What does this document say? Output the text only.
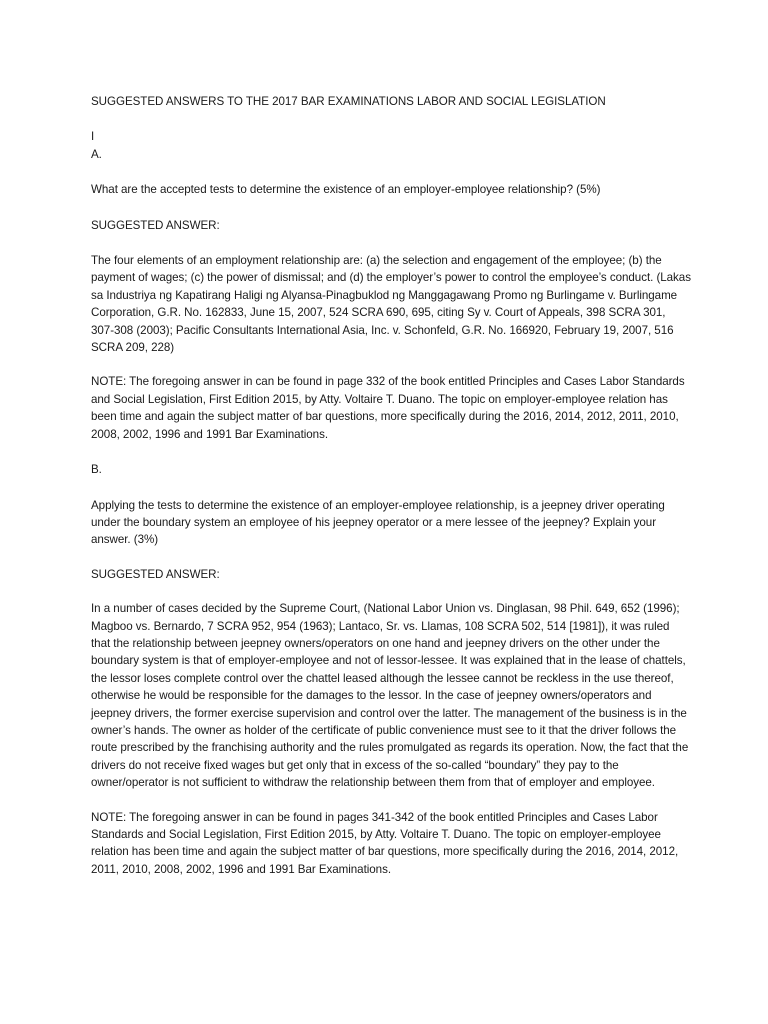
SUGGESTED ANSWERS TO THE 2017 BAR EXAMINATIONS LABOR AND SOCIAL LEGISLATION

I

A.

What are the accepted tests to determine the existence of an employer-employee relationship? (5%)

SUGGESTED ANSWER:

The four elements of an employment relationship are: (a) the selection and engagement of the employee; (b) the payment of wages; (c) the power of dismissal; and (d) the employer’s power to control the employee’s conduct. (Lakas sa Industriya ng Kapatirang Haligi ng Alyansa-Pinagbuklod ng Manggagawang Promo ng Burlingame v. Burlingame Corporation, G.R. No. 162833, June 15, 2007, 524 SCRA 690, 695, citing Sy v. Court of Appeals, 398 SCRA 301, 307-308 (2003); Pacific Consultants International Asia, Inc. v. Schonfeld, G.R. No. 166920, February 19, 2007, 516 SCRA 209, 228)

NOTE: The foregoing answer in can be found in page 332 of the book entitled Principles and Cases Labor Standards and Social Legislation, First Edition 2015, by Atty. Voltaire T. Duano. The topic on employer-employee relation has been time and again the subject matter of bar questions, more specifically during the 2016, 2014, 2012, 2011, 2010, 2008, 2002, 1996 and 1991 Bar Examinations.

B.

Applying the tests to determine the existence of an employer-employee relationship, is a jeepney driver operating under the boundary system an employee of his jeepney operator or a mere lessee of the jeepney? Explain your answer. (3%)

SUGGESTED ANSWER:

In a number of cases decided by the Supreme Court, (National Labor Union vs. Dinglasan, 98 Phil. 649, 652 (1996); Magboo vs. Bernardo, 7 SCRA 952, 954 (1963); Lantaco, Sr. vs. Llamas, 108 SCRA 502, 514 [1981]), it was ruled that the relationship between jeepney owners/operators on one hand and jeepney drivers on the other under the boundary system is that of employer-employee and not of lessor-lessee. It was explained that in the lease of chattels, the lessor loses complete control over the chattel leased although the lessee cannot be reckless in the use thereof, otherwise he would be responsible for the damages to the lessor. In the case of jeepney owners/operators and jeepney drivers, the former exercise supervision and control over the latter. The management of the business is in the owner’s hands. The owner as holder of the certificate of public convenience must see to it that the driver follows the route prescribed by the franchising authority and the rules promulgated as regards its operation. Now, the fact that the drivers do not receive fixed wages but get only that in excess of the so-called “boundary” they pay to the owner/operator is not sufficient to withdraw the relationship between them from that of employer and employee.

NOTE: The foregoing answer in can be found in pages 341-342 of the book entitled Principles and Cases Labor Standards and Social Legislation, First Edition 2015, by Atty. Voltaire T. Duano. The topic on employer-employee relation has been time and again the subject matter of bar questions, more specifically during the 2016, 2014, 2012, 2011, 2010, 2008, 2002, 1996 and 1991 Bar Examinations.
